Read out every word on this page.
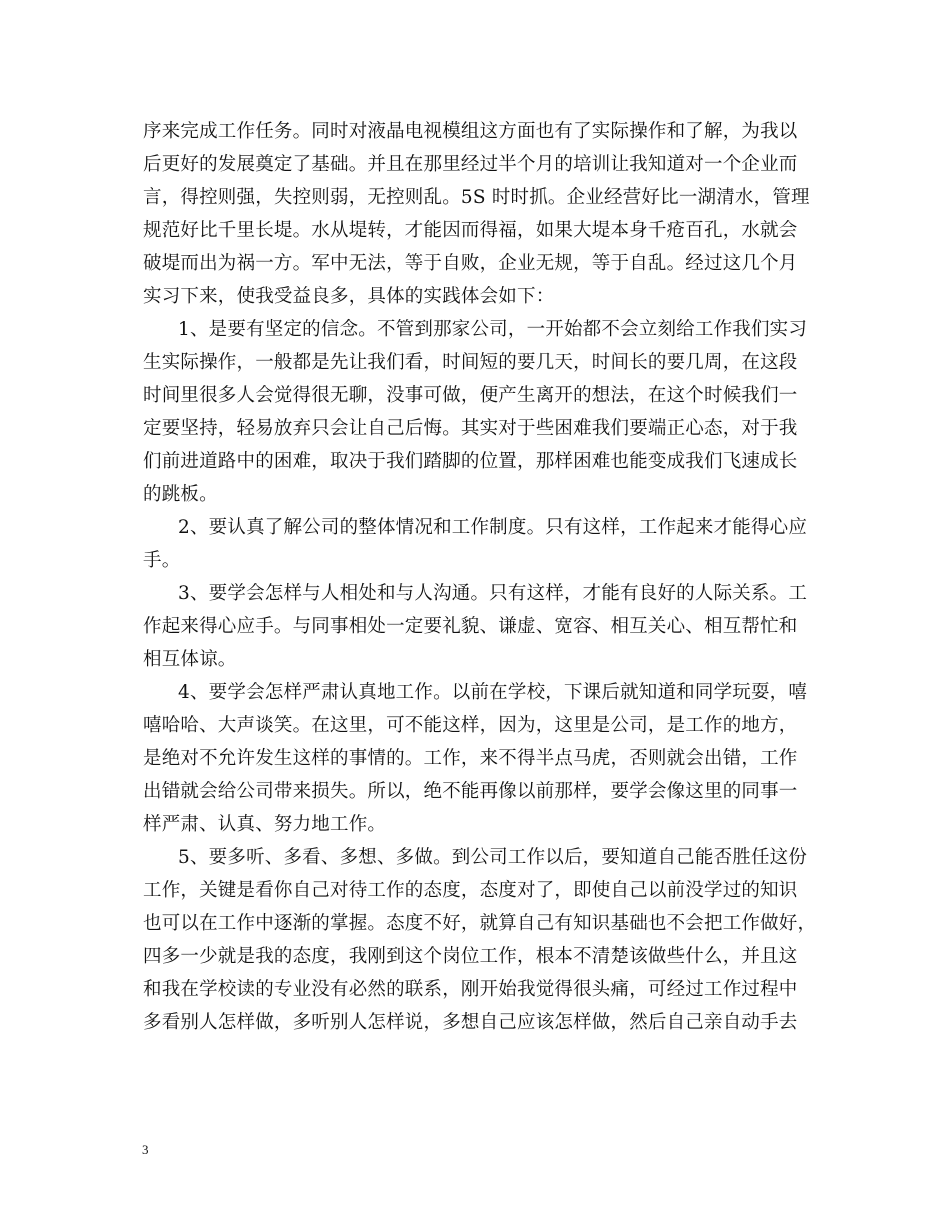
序来完成工作任务。同时对液晶电视模组这方面也有了实际操作和了解，为我以
后更好的发展奠定了基础。并且在那里经过半个月的培训让我知道对一个企业而
言，得控则强，失控则弱，无控则乱。5S 时时抓。企业经营好比一湖清水，管理
规范好比千里长堤。水从堤转，才能因而得福，如果大堤本身千疮百孔，水就会
破堤而出为祸一方。军中无法，等于自败，企业无规，等于自乱。经过这几个月
实习下来，使我受益良多，具体的实践体会如下：
1、是要有坚定的信念。不管到那家公司，一开始都不会立刻给工作我们实习
生实际操作，一般都是先让我们看，时间短的要几天，时间长的要几周，在这段
时间里很多人会觉得很无聊，没事可做，便产生离开的想法，在这个时候我们一
定要坚持，轻易放弃只会让自己后悔。其实对于些困难我们要端正心态，对于我
们前进道路中的困难，取决于我们踏脚的位置，那样困难也能变成我们飞速成长
的跳板。
2、要认真了解公司的整体情况和工作制度。只有这样，工作起来才能得心应
手。
3、要学会怎样与人相处和与人沟通。只有这样，才能有良好的人际关系。工
作起来得心应手。与同事相处一定要礼貌、谦虚、宽容、相互关心、相互帮忙和
相互体谅。
4、要学会怎样严肃认真地工作。以前在学校，下课后就知道和同学玩耍，嘻
嘻哈哈、大声谈笑。在这里，可不能这样，因为，这里是公司，是工作的地方，
是绝对不允许发生这样的事情的。工作，来不得半点马虎，否则就会出错，工作
出错就会给公司带来损失。所以，绝不能再像以前那样，要学会像这里的同事一
样严肃、认真、努力地工作。
5、要多听、多看、多想、多做。到公司工作以后，要知道自己能否胜任这份
工作，关键是看你自己对待工作的态度，态度对了，即使自己以前没学过的知识
也可以在工作中逐渐的掌握。态度不好，就算自己有知识基础也不会把工作做好，
四多一少就是我的态度，我刚到这个岗位工作，根本不清楚该做些什么，并且这
和我在学校读的专业没有必然的联系，刚开始我觉得很头痛，可经过工作过程中
多看别人怎样做，多听别人怎样说，多想自己应该怎样做，然后自己亲自动手去
3
